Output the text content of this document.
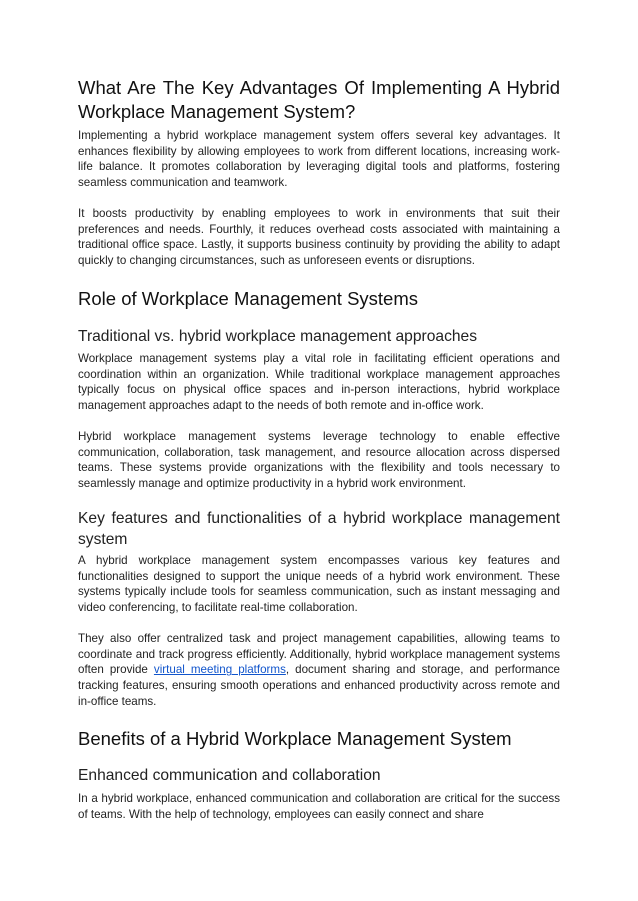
What Are The Key Advantages Of Implementing A Hybrid Workplace Management System?

Implementing a hybrid workplace management system offers several key advantages. It enhances flexibility by allowing employees to work from different locations, increasing work-life balance. It promotes collaboration by leveraging digital tools and platforms, fostering seamless communication and teamwork.

It boosts productivity by enabling employees to work in environments that suit their preferences and needs. Fourthly, it reduces overhead costs associated with maintaining a traditional office space. Lastly, it supports business continuity by providing the ability to adapt quickly to changing circumstances, such as unforeseen events or disruptions.

Role of Workplace Management Systems
Traditional vs. hybrid workplace management approaches

Workplace management systems play a vital role in facilitating efficient operations and coordination within an organization. While traditional workplace management approaches typically focus on physical office spaces and in-person interactions, hybrid workplace management approaches adapt to the needs of both remote and in-office work.

Hybrid workplace management systems leverage technology to enable effective communication, collaboration, task management, and resource allocation across dispersed teams. These systems provide organizations with the flexibility and tools necessary to seamlessly manage and optimize productivity in a hybrid work environment.

Key features and functionalities of a hybrid workplace management system

A hybrid workplace management system encompasses various key features and functionalities designed to support the unique needs of a hybrid work environment. These systems typically include tools for seamless communication, such as instant messaging and video conferencing, to facilitate real-time collaboration.

They also offer centralized task and project management capabilities, allowing teams to coordinate and track progress efficiently. Additionally, hybrid workplace management systems often provide virtual meeting platforms, document sharing and storage, and performance tracking features, ensuring smooth operations and enhanced productivity across remote and in-office teams.

Benefits of a Hybrid Workplace Management System
Enhanced communication and collaboration

In a hybrid workplace, enhanced communication and collaboration are critical for the success of teams. With the help of technology, employees can easily connect and share
